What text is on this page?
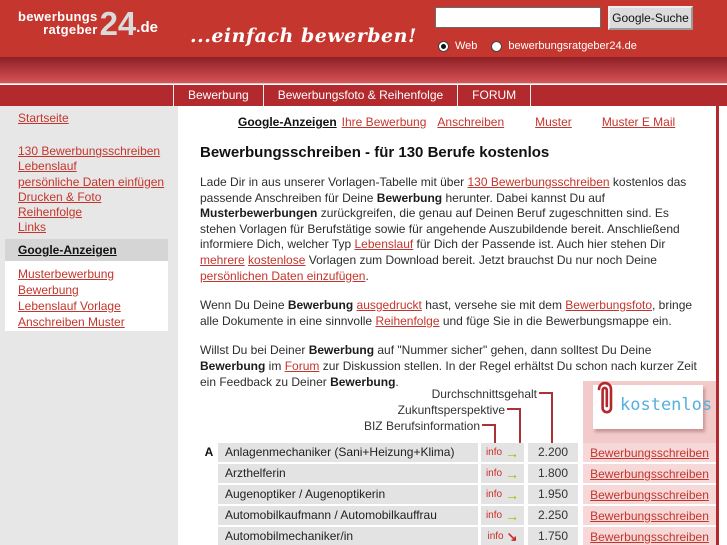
bewerbungs
ratgeber 24 .de ...einfach bewerben!
Google-Suche
Web	bewerbungsratgeber24.de
Bewerbung	Bewerbungsfoto & Reihenfolge	FORUM
Startseite
130 Bewerbungsschreiben
Lebenslauf
persönliche Daten einfügen
Drucken & Foto
Reihenfolge
Links
Google-Anzeigen
Musterbewerbung
Bewerbung
Lebenslauf Vorlage
Anschreiben Muster
Google-Anzeigen Ihre Bewerbung Anschreiben	Muster	Muster E Mail
Bewerbungsschreiben - für 130 Berufe kostenlos

Lade Dir in aus unserer Vorlagen-Tabelle mit über 130 Bewerbungsschreiben kostenlos das passende Anschreiben für Deine Bewerbung herunter. Dabei kannst Du auf Musterbewerbungen zurückgreifen, die genau auf Deinen Beruf zugeschnitten sind. Es stehen Vorlagen für Berufstätige sowie für angehende Auszubildende bereit. Anschließend informiere Dich, welcher Typ Lebenslauf für Dich der Passende ist. Auch hier stehen Dir mehrere kostenlose Vorlagen zum Download bereit. Jetzt brauchst Du nur noch Deine persönlichen Daten einzufügen.

Wenn Du Deine Bewerbung ausgedruckt hast, versehe sie mit dem Bewerbungsfoto, bringe alle Dokumente in eine sinnvolle Reihenfolge und füge Sie in die Bewerbungsmappe ein.

Willst Du bei Deiner Bewerbung auf "Nummer sicher" gehen, dann solltest Du Deine Bewerbung im Forum zur Diskussion stellen. In der Regel erhältst Du schon nach kurzer Zeit ein Feedback zu Deiner Bewerbung.

kostenlos
Durchschnittsgehalt
Zukunftsperspektive
BIZ Berufsinformation
A Anlagenmechaniker (Sani+Heizung+Klima)	info →	2.200	Bewerbungsschreiben
Arzthelferin	info →	1.800	Bewerbungsschreiben
Augenoptiker / Augenoptikerin	info →	1.950	Bewerbungsschreiben
Automobilkaufmann / Automobilkauffrau	info →	2.250	Bewerbungsschreiben
Automobilmechaniker/in	info ↘	1.750	Bewerbungsschreiben
